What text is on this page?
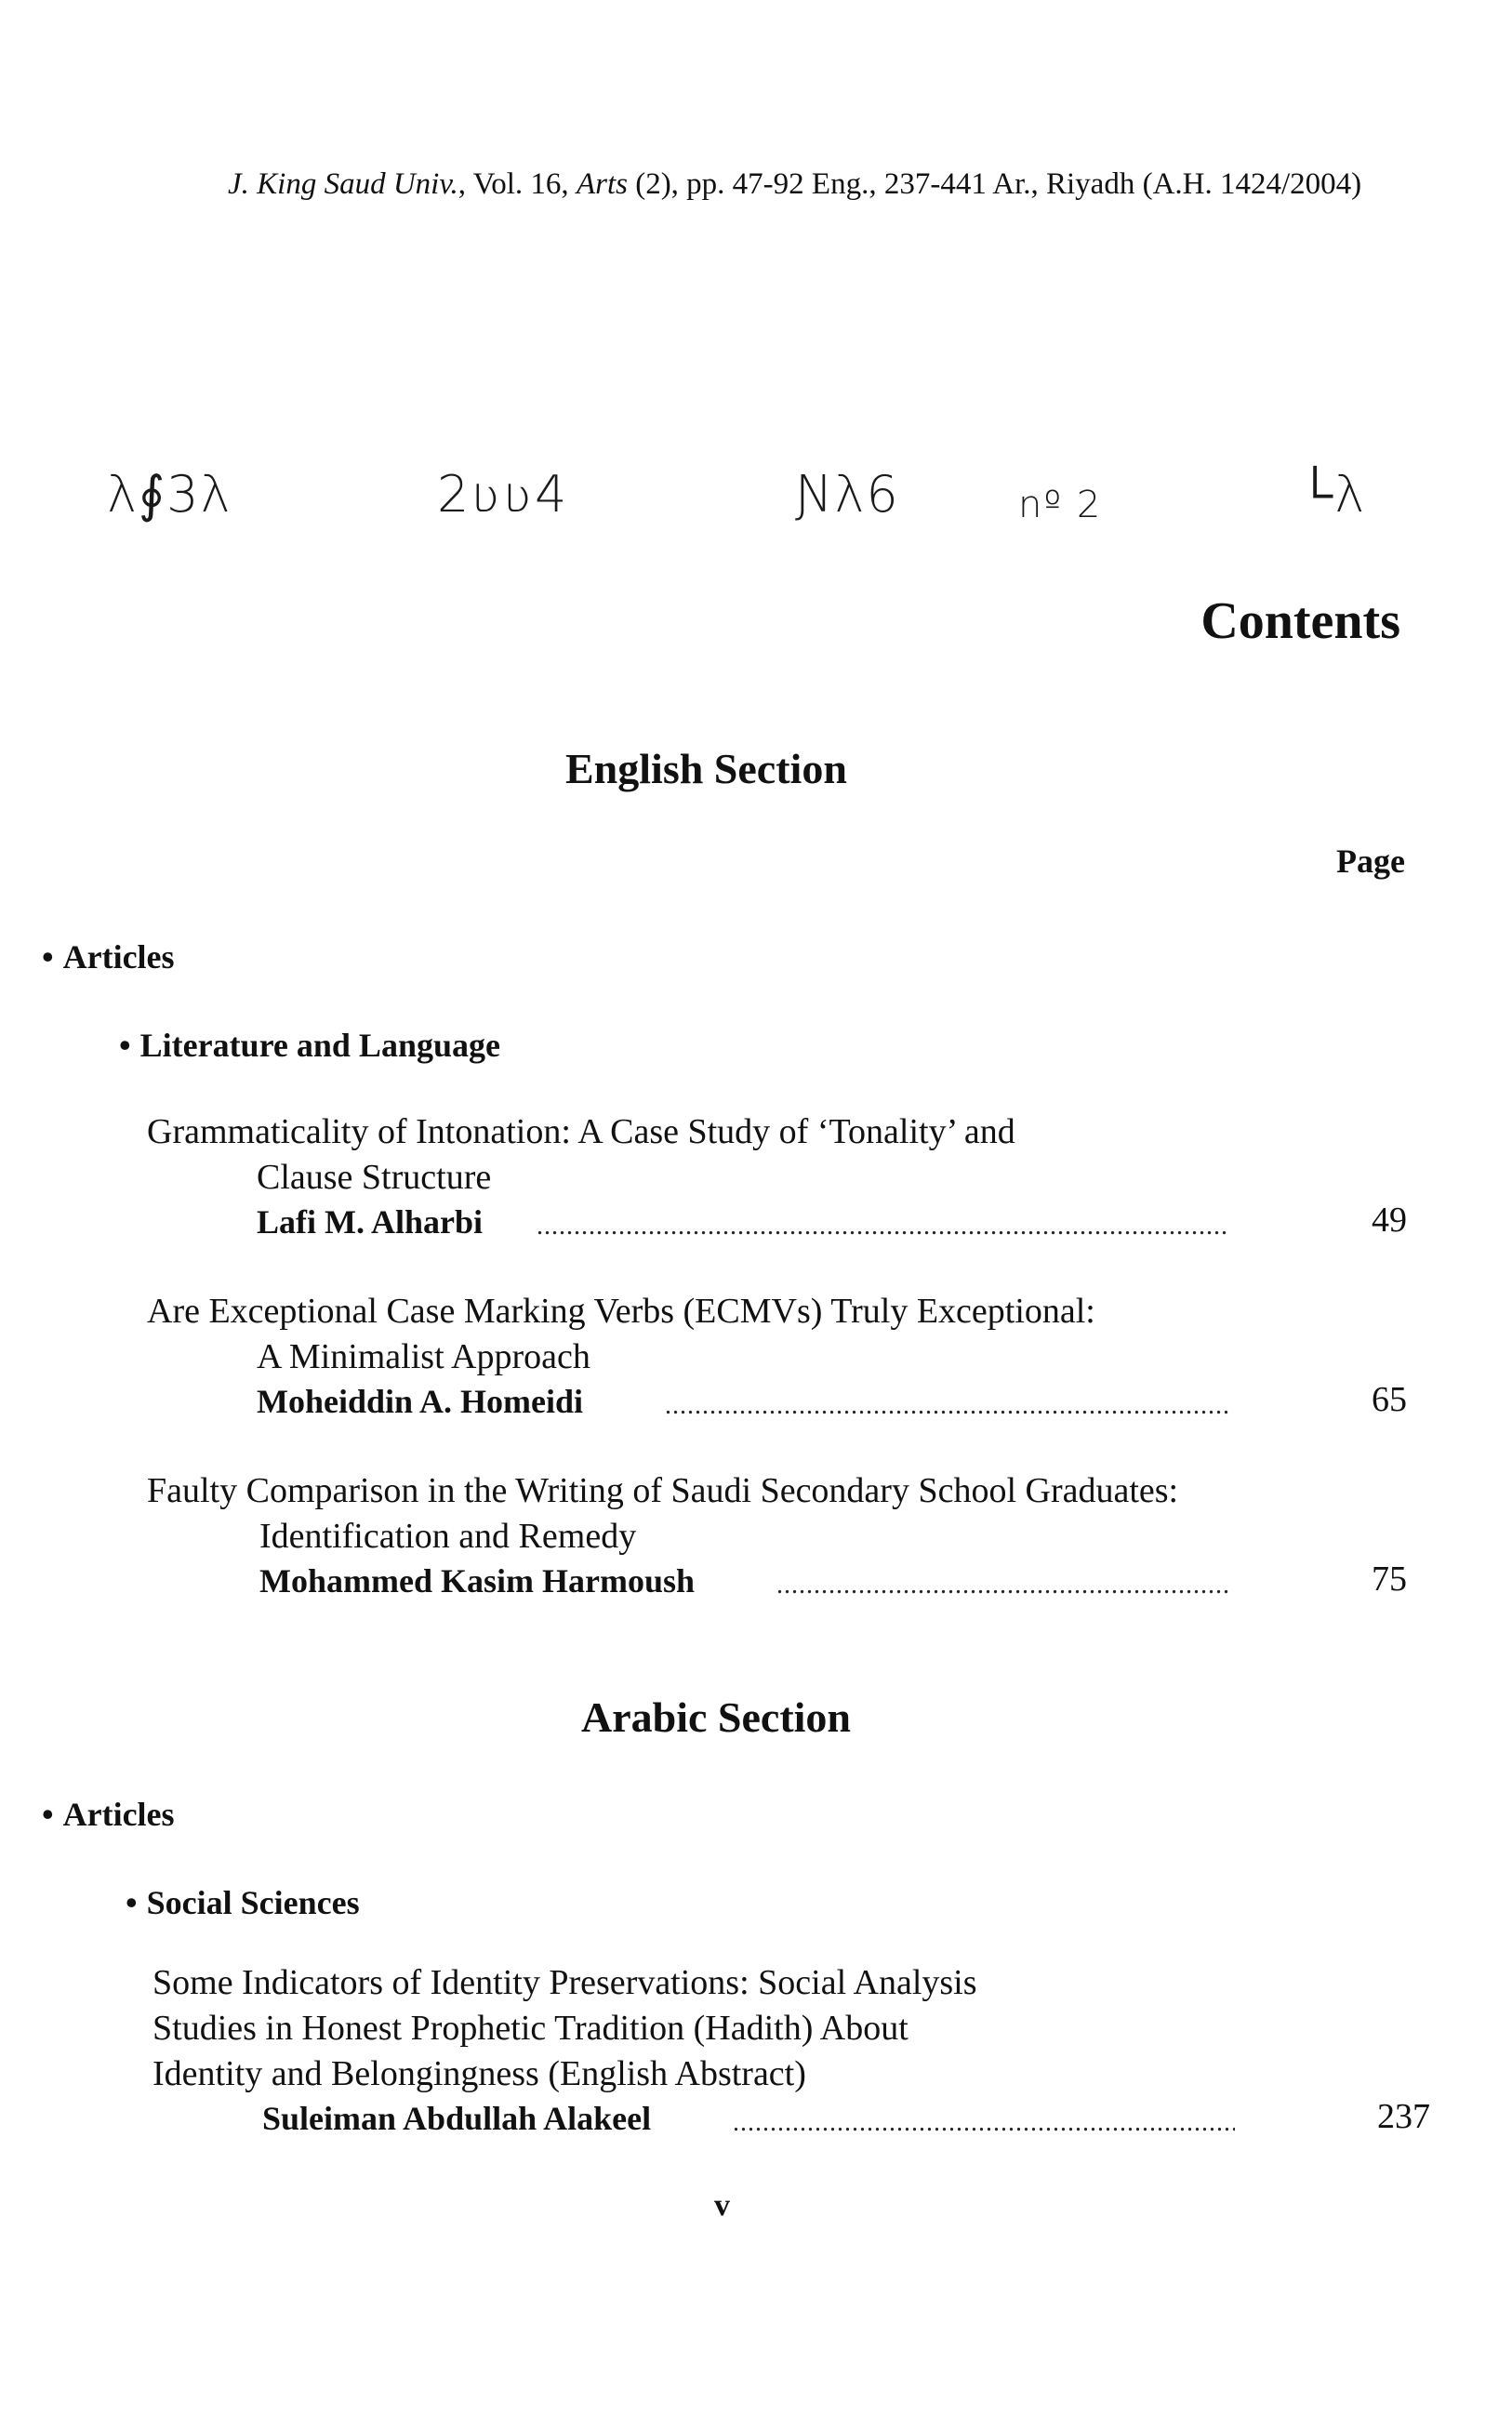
J. King Saud Univ., Vol. 16, Arts (2), pp. 47-92 Eng., 237-441 Ar., Riyadh (A.H. 1424/2004)
λ∮3λ	2ʋʋ4	Ɲλ6	nº 2	└λ
Contents
English Section
Page
• Articles
• Literature and Language
Grammaticality of Intonation: A Case Study of ‘Tonality’ and
Clause Structure
Lafi M. Alharbi .....	49
Are Exceptional Case Marking Verbs (ECMVs) Truly Exceptional:
A Minimalist Approach
Moheiddin A. Homeidi .....	65
Faulty Comparison in the Writing of Saudi Secondary School Graduates:
Identification and Remedy
Mohammed Kasim Harmoush .....	75
Arabic Section
• Articles
• Social Sciences
Some Indicators of Identity Preservations: Social Analysis
Studies in Honest Prophetic Tradition (Hadith) About
Identity and Belongingness (English Abstract)
Suleiman Abdullah Alakeel .....	237
v
